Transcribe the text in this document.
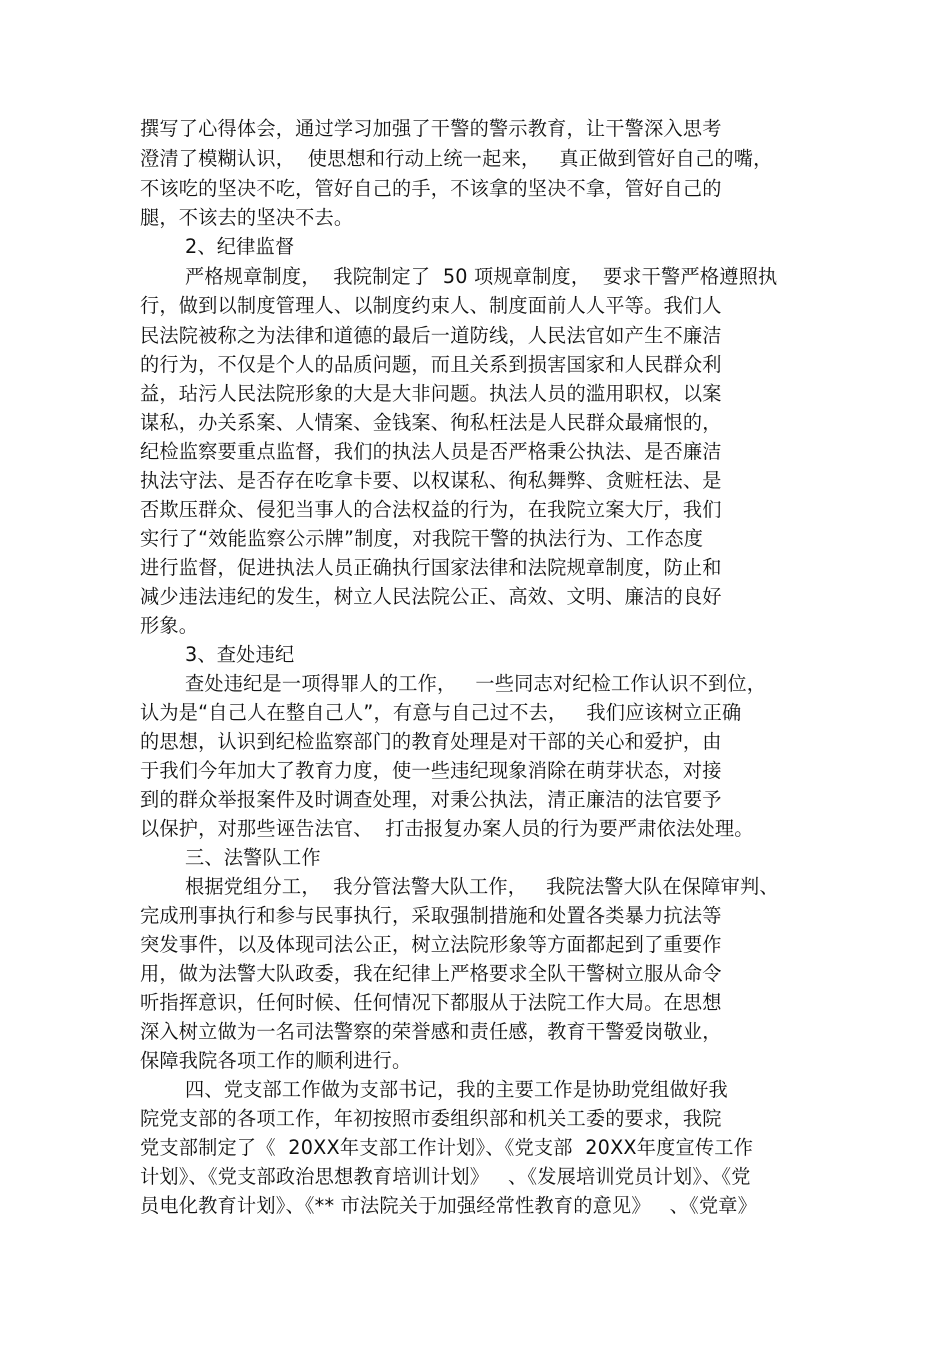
撰写了心得体会，通过学习加强了干警的警示教育，让干警深入思考
澄清了模糊认识，  使思想和行动上统一起来，   真正做到管好自己的嘴，
不该吃的坚决不吃，管好自己的手，不该拿的坚决不拿，管好自己的
腿，不该去的坚决不去。
2、纪律监督
严格规章制度，  我院制定了  50 项规章制度，  要求干警严格遵照执
行，做到以制度管理人、以制度约束人、制度面前人人平等。我们人
民法院被称之为法律和道德的最后一道防线，人民法官如产生不廉洁
的行为，不仅是个人的品质问题，而且关系到损害国家和人民群众利
益，玷污人民法院形象的大是大非问题。执法人员的滥用职权，以案
谋私，办关系案、人情案、金钱案、徇私枉法是人民群众最痛恨的，
纪检监察要重点监督，我们的执法人员是否严格秉公执法、是否廉洁
执法守法、是否存在吃拿卡要、以权谋私、徇私舞弊、贪赃枉法、是
否欺压群众、侵犯当事人的合法权益的行为，在我院立案大厅，我们
实行了“效能监察公示牌”制度，对我院干警的执法行为、工作态度
进行监督，促进执法人员正确执行国家法律和法院规章制度，防止和
减少违法违纪的发生，树立人民法院公正、高效、文明、廉洁的良好
形象。
3、查处违纪
查处违纪是一项得罪人的工作，   一些同志对纪检工作认识不到位，
认为是“自己人在整自己人”，有意与自己过不去，   我们应该树立正确
的思想，认识到纪检监察部门的教育处理是对干部的关心和爱护，由
于我们今年加大了教育力度，使一些违纪现象消除在萌芽状态，对接
到的群众举报案件及时调查处理，对秉公执法，清正廉洁的法官要予
以保护，对那些诬告法官、  打击报复办案人员的行为要严肃依法处理。
三、法警队工作
根据党组分工，  我分管法警大队工作，   我院法警大队在保障审判、
完成刑事执行和参与民事执行，采取强制措施和处置各类暴力抗法等
突发事件，以及体现司法公正，树立法院形象等方面都起到了重要作
用，做为法警大队政委，我在纪律上严格要求全队干警树立服从命令
听指挥意识，任何时候、任何情况下都服从于法院工作大局。在思想
深入树立做为一名司法警察的荣誉感和责任感，教育干警爱岗敬业，
保障我院各项工作的顺利进行。
四、党支部工作做为支部书记，我的主要工作是协助党组做好我
院党支部的各项工作，年初按照市委组织部和机关工委的要求，我院
党支部制定了《  20XX年支部工作计划》、《党支部  20XX年度宣传工作
计划》、《党支部政治思想教育培训计划》   、《发展培训党员计划》、《党
员电化教育计划》、《** 市法院关于加强经常性教育的意见》   、《党章》
